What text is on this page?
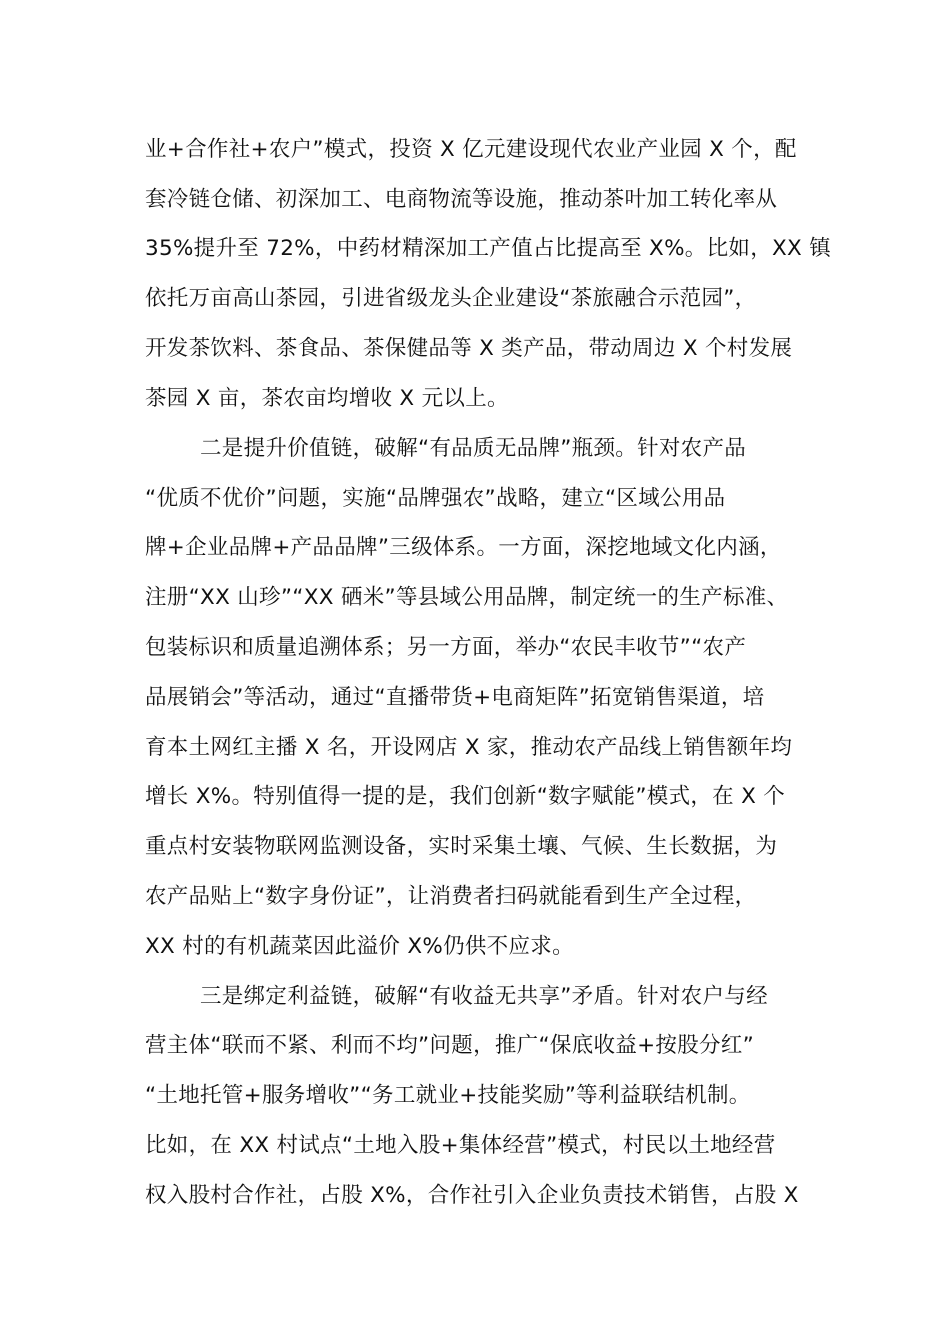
业+合作社+农户”模式，投资 X 亿元建设现代农业产业园 X 个，配
套冷链仓储、初深加工、电商物流等设施，推动茶叶加工转化率从
35%提升至 72%，中药材精深加工产值占比提高至 X%。比如，XX 镇
依托万亩高山茶园，引进省级龙头企业建设“茶旅融合示范园”，
开发茶饮料、茶食品、茶保健品等 X 类产品，带动周边 X 个村发展
茶园 X 亩，茶农亩均增收 X 元以上。
二是提升价值链，破解“有品质无品牌”瓶颈。针对农产品
“优质不优价”问题，实施“品牌强农”战略，建立“区域公用品
牌+企业品牌+产品品牌”三级体系。一方面，深挖地域文化内涵，
注册“XX 山珍”“XX 硒米”等县域公用品牌，制定统一的生产标准、
包装标识和质量追溯体系；另一方面，举办“农民丰收节”“农产
品展销会”等活动，通过“直播带货+电商矩阵”拓宽销售渠道，培
育本土网红主播 X 名，开设网店 X 家，推动农产品线上销售额年均
增长 X%。特别值得一提的是，我们创新“数字赋能”模式，在 X 个
重点村安装物联网监测设备，实时采集土壤、气候、生长数据，为
农产品贴上“数字身份证”，让消费者扫码就能看到生产全过程，
XX 村的有机蔬菜因此溢价 X%仍供不应求。
三是绑定利益链，破解“有收益无共享”矛盾。针对农户与经
营主体“联而不紧、利而不均”问题，推广“保底收益+按股分红”
“土地托管+服务增收”“务工就业+技能奖励”等利益联结机制。
比如，在 XX 村试点“土地入股+集体经营”模式，村民以土地经营
权入股村合作社，占股 X%，合作社引入企业负责技术销售，占股 X
